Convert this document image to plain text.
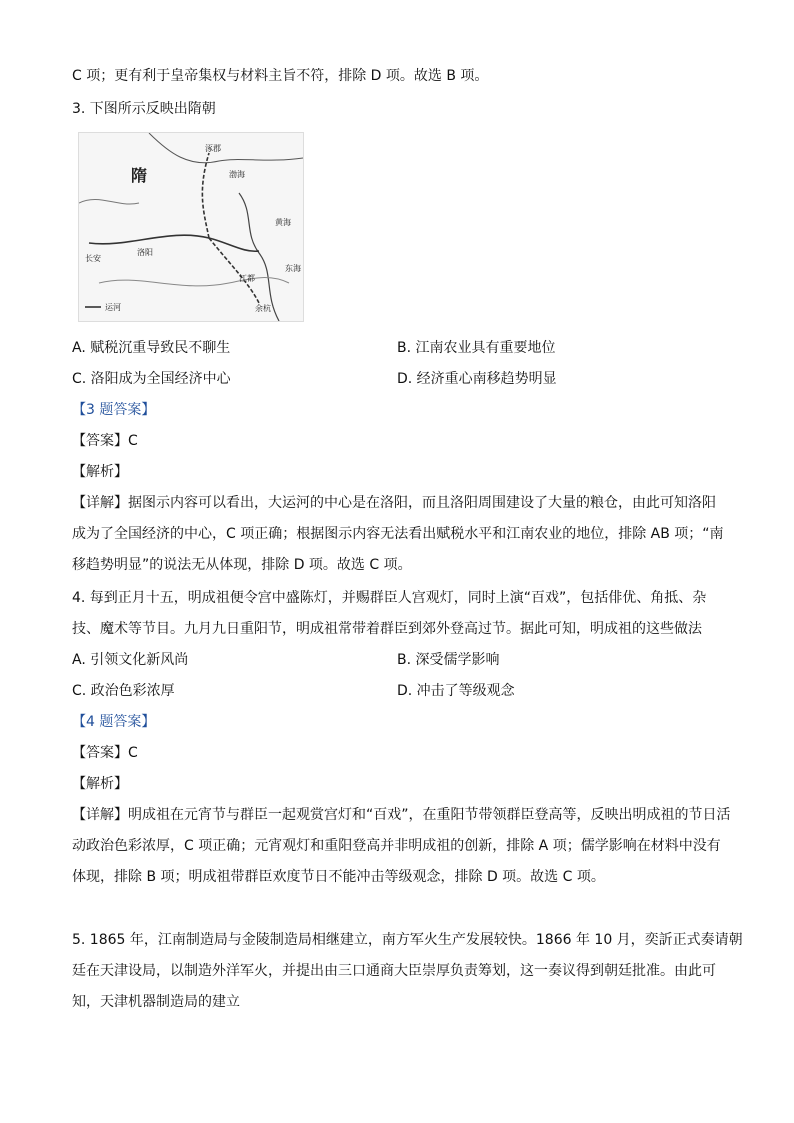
C 项；更有利于皇帝集权与材料主旨不符，排除 D 项。故选 B 项。
3. 下图所示反映出隋朝
隋
洛阳
长安
江都
涿郡
余杭
渤海
黄海
东海
运河
A. 赋税沉重导致民不聊生	B. 江南农业具有重要地位
C. 洛阳成为全国经济中心	D. 经济重心南移趋势明显
【3 题答案】
【答案】C
【解析】
【详解】据图示内容可以看出，大运河的中心是在洛阳，而且洛阳周围建设了大量的粮仓，由此可知洛阳
成为了全国经济的中心，C 项正确；根据图示内容无法看出赋税水平和江南农业的地位，排除 AB 项；“南
移趋势明显”的说法无从体现，排除 D 项。故选 C 项。
4. 每到正月十五，明成祖便令宫中盛陈灯，并赐群臣人宫观灯，同时上演“百戏”，包括俳优、角抵、杂
技、魔术等节目。九月九日重阳节，明成祖常带着群臣到郊外登高过节。据此可知，明成祖的这些做法
A. 引领文化新风尚	B. 深受儒学影响
C. 政治色彩浓厚	D. 冲击了等级观念
【4 题答案】
【答案】C
【解析】
【详解】明成祖在元宵节与群臣一起观赏宫灯和“百戏”，在重阳节带领群臣登高等，反映出明成祖的节日活
动政治色彩浓厚，C 项正确；元宵观灯和重阳登高并非明成祖的创新，排除 A 项；儒学影响在材料中没有
体现，排除 B 项；明成祖带群臣欢度节日不能冲击等级观念，排除 D 项。故选 C 项。
5. 1865 年，江南制造局与金陵制造局相继建立，南方军火生产发展较快。1866 年 10 月，奕訢正式奏请朝
廷在天津设局，以制造外洋军火，并提出由三口通商大臣崇厚负责筹划，这一奏议得到朝廷批准。由此可
知，天津机器制造局的建立
